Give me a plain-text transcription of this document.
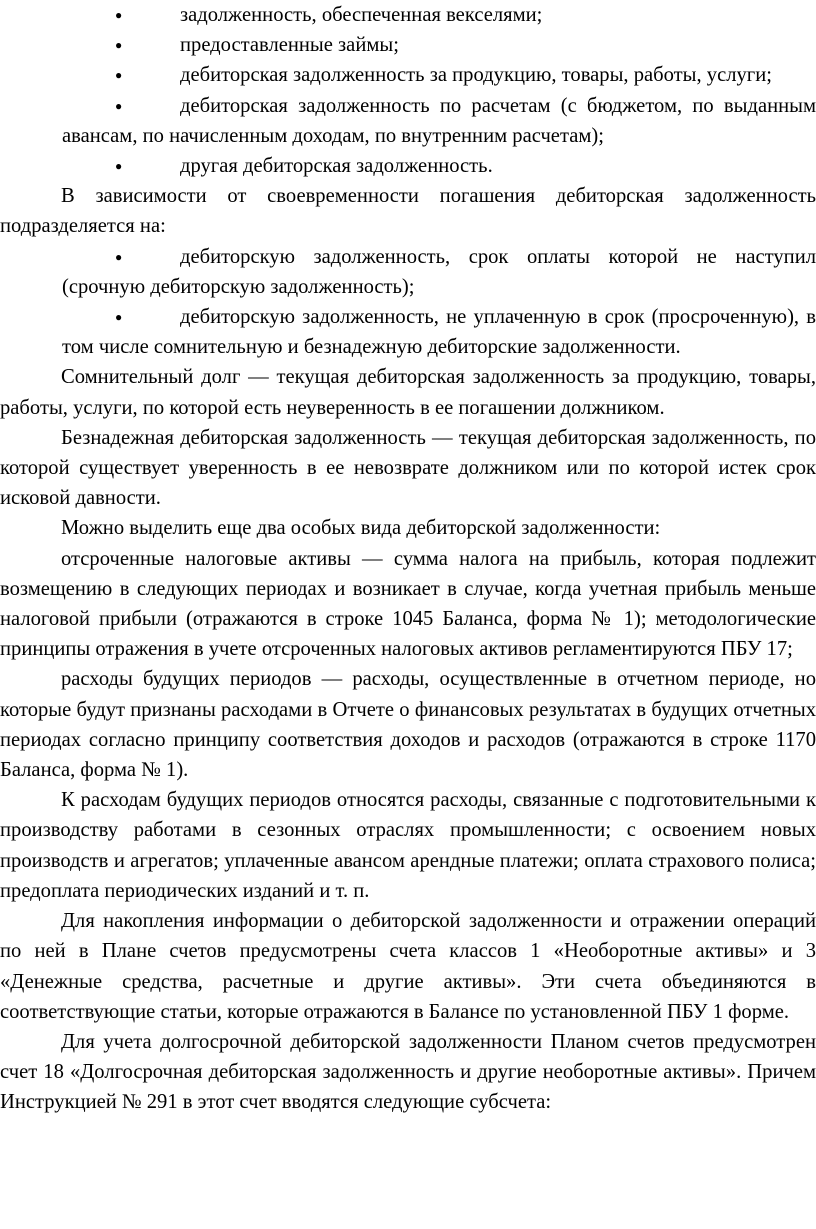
●	задолженность, обеспеченная векселями;

●	предоставленные займы;

●	дебиторская задолженность за продукцию, товары, работы, услуги;

●	дебиторская задолженность по расчетам (с бюджетом, по выданным авансам, по начисленным доходам, по внутренним расчетам);

●	другая дебиторская задолженность.

В зависимости от своевременности погашения дебиторская задолженность подразделяется на:

●	дебиторскую задолженность, срок оплаты которой не наступил (срочную дебиторскую задолженность);

●	дебиторскую задолженность, не уплаченную в срок (просроченную), в том числе сомнительную и безнадежную дебиторские задолженности.

Сомнительный долг — текущая дебиторская задолженность за продукцию, товары, работы, услуги, по которой есть неуверенность в ее погашении должником.

Безнадежная дебиторская задолженность — текущая дебиторская задолженность, по которой существует уверенность в ее невозврате должником или по которой истек срок исковой давности.

Можно выделить еще два особых вида дебиторской задолженности:

отсроченные налоговые активы — сумма налога на прибыль, которая подлежит возмещению в следующих периодах и возникает в случае, когда учетная прибыль меньше налоговой прибыли (отражаются в строке 1045 Баланса, форма № 1); методологические принципы отражения в учете отсроченных налоговых активов регламентируются ПБУ 17;

расходы будущих периодов — расходы, осуществленные в отчетном периоде, но которые будут признаны расходами в Отчете о финансовых результатах в будущих отчетных периодах согласно принципу соответствия доходов и расходов (отражаются в строке 1170 Баланса, форма № 1).

К расходам будущих периодов относятся расходы, связанные с подготовительными к производству работами в сезонных отраслях промышленности; с освоением новых производств и агрегатов; уплаченные авансом арендные платежи; оплата страхового полиса; предоплата периодических изданий и т. п.

Для накопления информации о дебиторской задолженности и отражении операций по ней в Плане счетов предусмотрены счета классов 1 «Необоротные активы» и 3 «Денежные средства, расчетные и другие активы». Эти счета объединяются в соответствующие статьи, которые отражаются в Балансе по установленной ПБУ 1 форме.

Для учета долгосрочной дебиторской задолженности Планом счетов предусмотрен счет 18 «Долгосрочная дебиторская задолженность и другие необоротные активы». Причем Инструкцией № 291 в этот счет вводятся следующие субсчета:
